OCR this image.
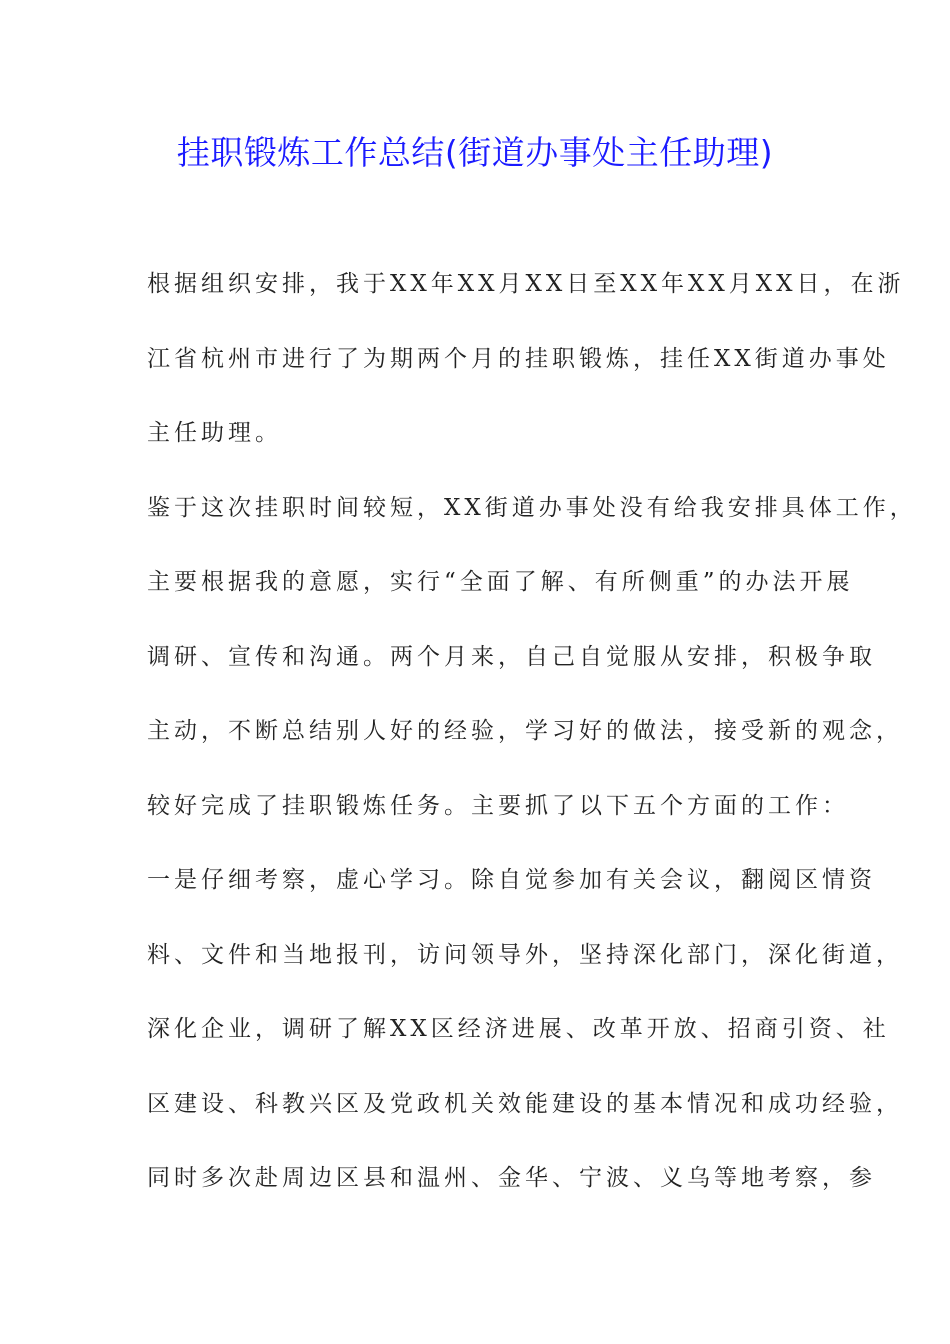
挂职锻炼工作总结(街道办事处主任助理)
根据组织安排，我于XX年XX月XX日至XX年XX月XX日，在浙
江省杭州市进行了为期两个月的挂职锻炼，挂任XX街道办事处
主任助理。
鉴于这次挂职时间较短，XX街道办事处没有给我安排具体工作，
主要根据我的意愿，实行“全面了解、有所侧重”的办法开展
调研、宣传和沟通。两个月来，自己自觉服从安排，积极争取
主动，不断总结别人好的经验，学习好的做法，接受新的观念，
较好完成了挂职锻炼任务。主要抓了以下五个方面的工作：
一是仔细考察，虚心学习。除自觉参加有关会议，翻阅区情资
料、文件和当地报刊，访问领导外，坚持深化部门，深化街道，
深化企业，调研了解XX区经济进展、改革开放、招商引资、社
区建设、科教兴区及党政机关效能建设的基本情况和成功经验，
同时多次赴周边区县和温州、金华、宁波、义乌等地考察，参
